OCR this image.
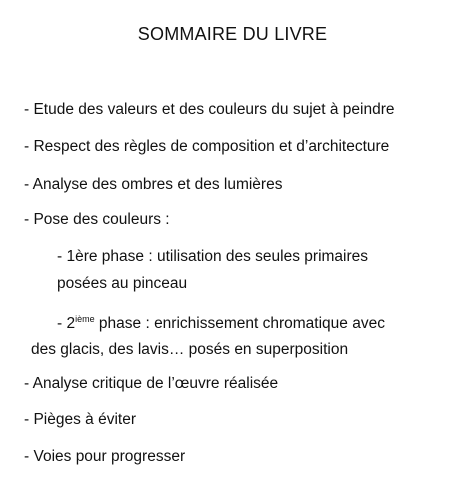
SOMMAIRE DU LIVRE
- Etude des valeurs et des couleurs du sujet à peindre
- Respect des règles de composition et d’architecture
- Analyse des ombres et des lumières
- Pose des couleurs :
- 1ère phase : utilisation des seules primaires
posées au pinceau
- 2ième phase : enrichissement chromatique avec
des glacis, des lavis… posés en superposition
- Analyse critique de l’œuvre réalisée
- Pièges à éviter
- Voies pour progresser
